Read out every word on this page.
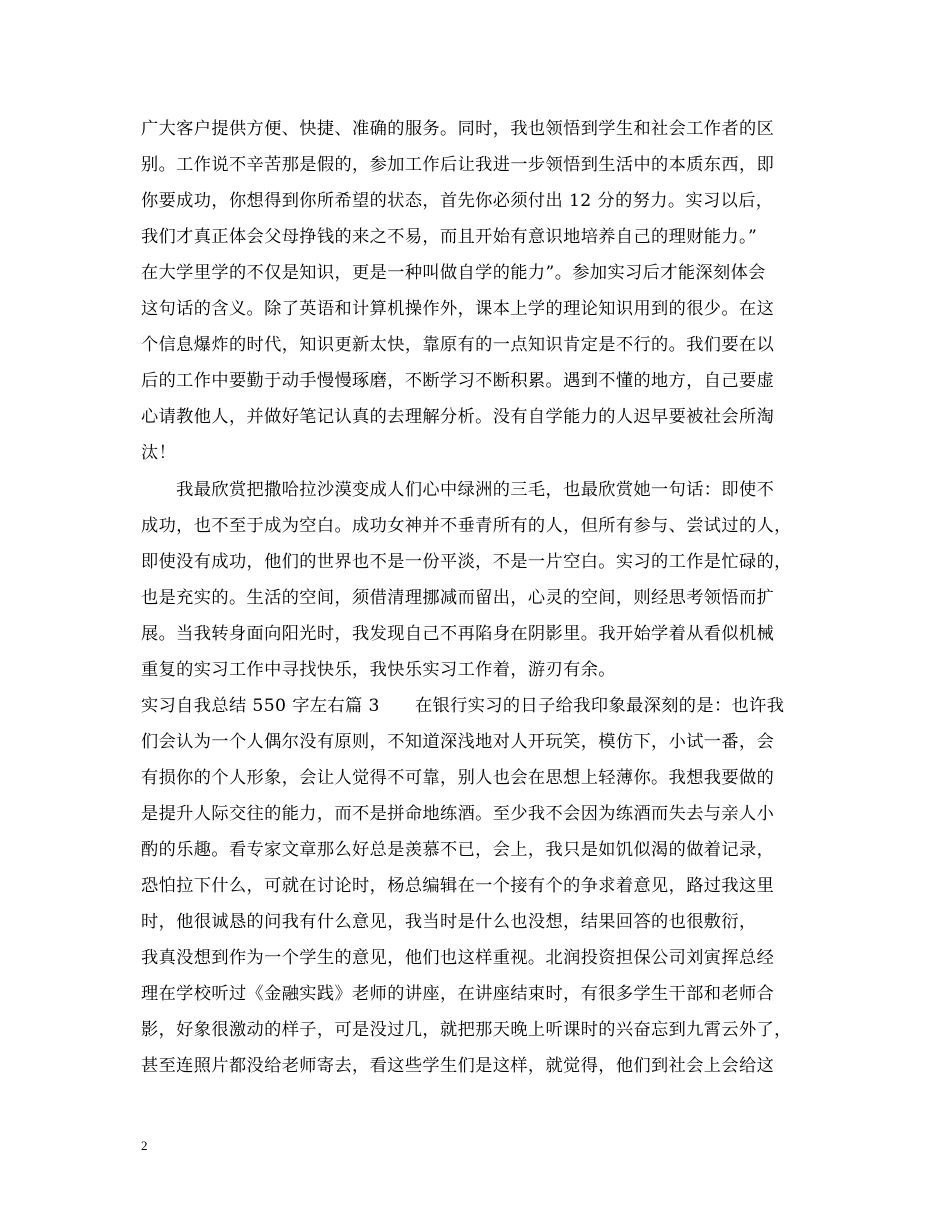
广大客户提供方便、快捷、准确的服务。同时，我也领悟到学生和社会工作者的区
别。工作说不辛苦那是假的，参加工作后让我进一步领悟到生活中的本质东西，即
你要成功，你想得到你所希望的状态，首先你必须付出 12 分的努力。实习以后，
我们才真正体会父母挣钱的来之不易，而且开始有意识地培养自己的理财能力。”
在大学里学的不仅是知识，更是一种叫做自学的能力”。参加实习后才能深刻体会
这句话的含义。除了英语和计算机操作外，课本上学的理论知识用到的很少。在这
个信息爆炸的时代，知识更新太快，靠原有的一点知识肯定是不行的。我们要在以
后的工作中要勤于动手慢慢琢磨，不断学习不断积累。遇到不懂的地方，自己要虚
心请教他人，并做好笔记认真的去理解分析。没有自学能力的人迟早要被社会所淘
汰！
　　我最欣赏把撒哈拉沙漠变成人们心中绿洲的三毛，也最欣赏她一句话：即使不
成功，也不至于成为空白。成功女神并不垂青所有的人，但所有参与、尝试过的人，
即使没有成功，他们的世界也不是一份平淡，不是一片空白。实习的工作是忙碌的，
也是充实的。生活的空间，须借清理挪减而留出，心灵的空间，则经思考领悟而扩
展。当我转身面向阳光时，我发现自己不再陷身在阴影里。我开始学着从看似机械
重复的实习工作中寻找快乐，我快乐实习工作着，游刃有余。
实习自我总结 550 字左右篇 3　　在银行实习的日子给我印象最深刻的是：也许我
们会认为一个人偶尔没有原则，不知道深浅地对人开玩笑，模仿下，小试一番，会
有损你的个人形象，会让人觉得不可靠，别人也会在思想上轻薄你。我想我要做的
是提升人际交往的能力，而不是拼命地练酒。至少我不会因为练酒而失去与亲人小
酌的乐趣。看专家文章那么好总是羡慕不已，会上，我只是如饥似渴的做着记录，
恐怕拉下什么，可就在讨论时，杨总编辑在一个接有个的争求着意见，路过我这里
时，他很诚恳的问我有什么意见，我当时是什么也没想，结果回答的也很敷衍，
我真没想到作为一个学生的意见，他们也这样重视。北润投资担保公司刘寅挥总经
理在学校听过《金融实践》老师的讲座，在讲座结束时，有很多学生干部和老师合
影，好象很激动的样子，可是没过几，就把那天晚上听课时的兴奋忘到九霄云外了，
甚至连照片都没给老师寄去，看这些学生们是这样，就觉得，他们到社会上会给这
2
